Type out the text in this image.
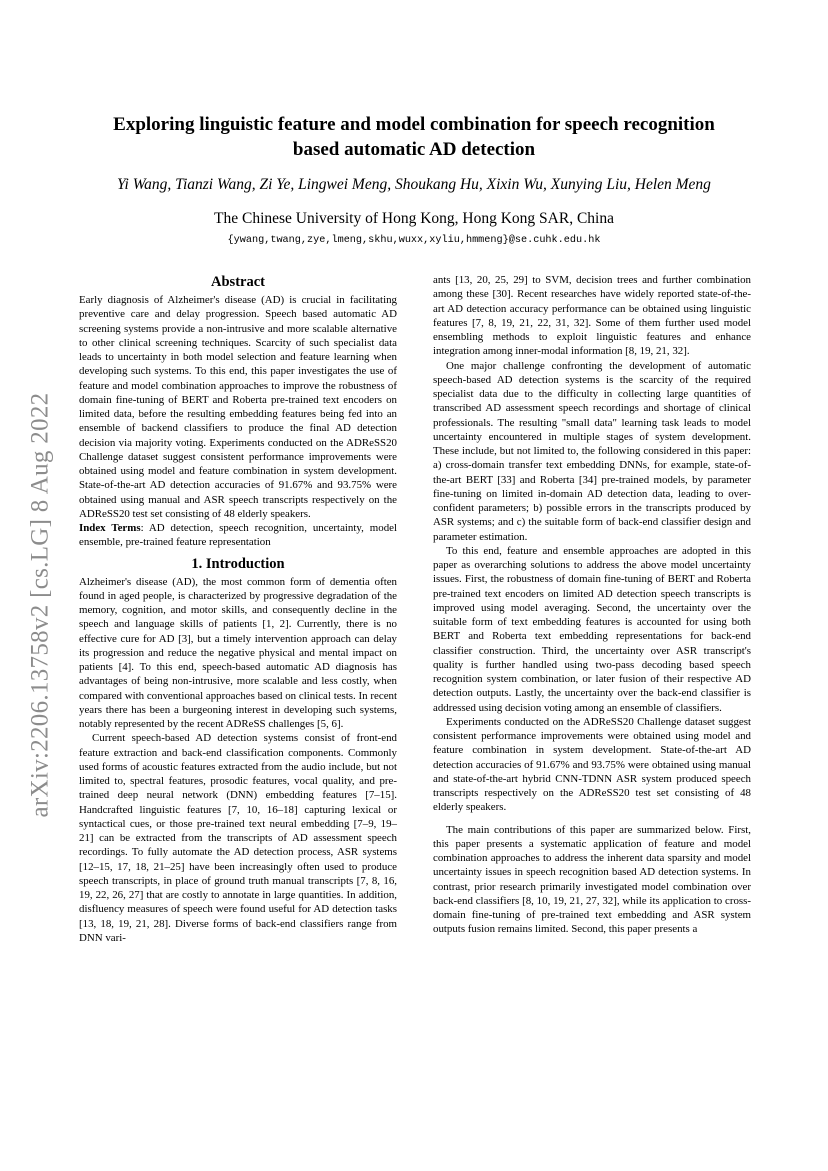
arXiv:2206.13758v2 [cs.LG] 8 Aug 2022
Exploring linguistic feature and model combination for speech recognition
based automatic AD detection
Yi Wang, Tianzi Wang, Zi Ye, Lingwei Meng, Shoukang Hu, Xixin Wu, Xunying Liu, Helen Meng
The Chinese University of Hong Kong, Hong Kong SAR, China
{ywang,twang,zye,lmeng,skhu,wuxx,xyliu,hmmeng}@se.cuhk.edu.hk
Abstract

Early diagnosis of Alzheimer's disease (AD) is crucial in facilitating preventive care and delay progression. Speech based automatic AD screening systems provide a non-intrusive and more scalable alternative to other clinical screening techniques. Scarcity of such specialist data leads to uncertainty in both model selection and feature learning when developing such systems. To this end, this paper investigates the use of feature and model combination approaches to improve the robustness of domain fine-tuning of BERT and Roberta pre-trained text encoders on limited data, before the resulting embedding features being fed into an ensemble of backend classifiers to produce the final AD detection decision via majority voting. Experiments conducted on the ADReSS20 Challenge dataset suggest consistent performance improvements were obtained using model and feature combination in system development. State-of-the-art AD detection accuracies of 91.67% and 93.75% were obtained using manual and ASR speech transcripts respectively on the ADReSS20 test set consisting of 48 elderly speakers.

Index Terms: AD detection, speech recognition, uncertainty, model ensemble, pre-trained feature representation

1. Introduction

Alzheimer's disease (AD), the most common form of dementia often found in aged people, is characterized by progressive degradation of the memory, cognition, and motor skills, and consequently decline in the speech and language skills of patients [1, 2]. Currently, there is no effective cure for AD [3], but a timely intervention approach can delay its progression and reduce the negative physical and mental impact on patients [4]. To this end, speech-based automatic AD diagnosis has advantages of being non-intrusive, more scalable and less costly, when compared with conventional approaches based on clinical tests. In recent years there has been a burgeoning interest in developing such systems, notably represented by the recent ADReSS challenges [5, 6].

Current speech-based AD detection systems consist of front-end feature extraction and back-end classification components. Commonly used forms of acoustic features extracted from the audio include, but not limited to, spectral features, prosodic features, vocal quality, and pre-trained deep neural network (DNN) embedding features [7–15]. Handcrafted linguistic features [7, 10, 16–18] capturing lexical or syntactical cues, or those pre-trained text neural embedding [7–9, 19–21] can be extracted from the transcripts of AD assessment speech recordings. To fully automate the AD detection process, ASR systems [12–15, 17, 18, 21–25] have been increasingly often used to produce speech transcripts, in place of ground truth manual transcripts [7, 8, 16, 19, 22, 26, 27] that are costly to annotate in large quantities. In addition, disfluency measures of speech were found useful for AD detection tasks [13, 18, 19, 21, 28]. Diverse forms of back-end classifiers range from DNN vari-

ants [13, 20, 25, 29] to SVM, decision trees and further combination among these [30]. Recent researches have widely reported state-of-the-art AD detection accuracy performance can be obtained using linguistic features [7, 8, 19, 21, 22, 31, 32]. Some of them further used model ensembling methods to exploit linguistic features and enhance integration among inner-modal information [8, 19, 21, 32].

One major challenge confronting the development of automatic speech-based AD detection systems is the scarcity of the required specialist data due to the difficulty in collecting large quantities of transcribed AD assessment speech recordings and shortage of clinical professionals. The resulting "small data" learning task leads to model uncertainty encountered in multiple stages of system development. These include, but not limited to, the following considered in this paper: a) cross-domain transfer text embedding DNNs, for example, state-of-the-art BERT [33] and Roberta [34] pre-trained models, by parameter fine-tuning on limited in-domain AD detection data, leading to over-confident parameters; b) possible errors in the transcripts produced by ASR systems; and c) the suitable form of back-end classifier design and parameter estimation.

To this end, feature and ensemble approaches are adopted in this paper as overarching solutions to address the above model uncertainty issues. First, the robustness of domain fine-tuning of BERT and Roberta pre-trained text encoders on limited AD detection speech transcripts is improved using model averaging. Second, the uncertainty over the suitable form of text embedding features is accounted for using both BERT and Roberta text embedding representations for back-end classifier construction. Third, the uncertainty over ASR transcript's quality is further handled using two-pass decoding based speech recognition system combination, or later fusion of their respective AD detection outputs. Lastly, the uncertainty over the back-end classifier is addressed using decision voting among an ensemble of classifiers.

Experiments conducted on the ADReSS20 Challenge dataset suggest consistent performance improvements were obtained using model and feature combination in system development. State-of-the-art AD detection accuracies of 91.67% and 93.75% were obtained using manual and state-of-the-art hybrid CNN-TDNN ASR system produced speech transcripts respectively on the ADReSS20 test set consisting of 48 elderly speakers.

The main contributions of this paper are summarized below. First, this paper presents a systematic application of feature and model combination approaches to address the inherent data sparsity and model uncertainty issues in speech recognition based AD detection systems. In contrast, prior research primarily investigated model combination over back-end classifiers [8, 10, 19, 21, 27, 32], while its application to cross-domain fine-tuning of pre-trained text embedding and ASR system outputs fusion remains limited. Second, this paper presents a
